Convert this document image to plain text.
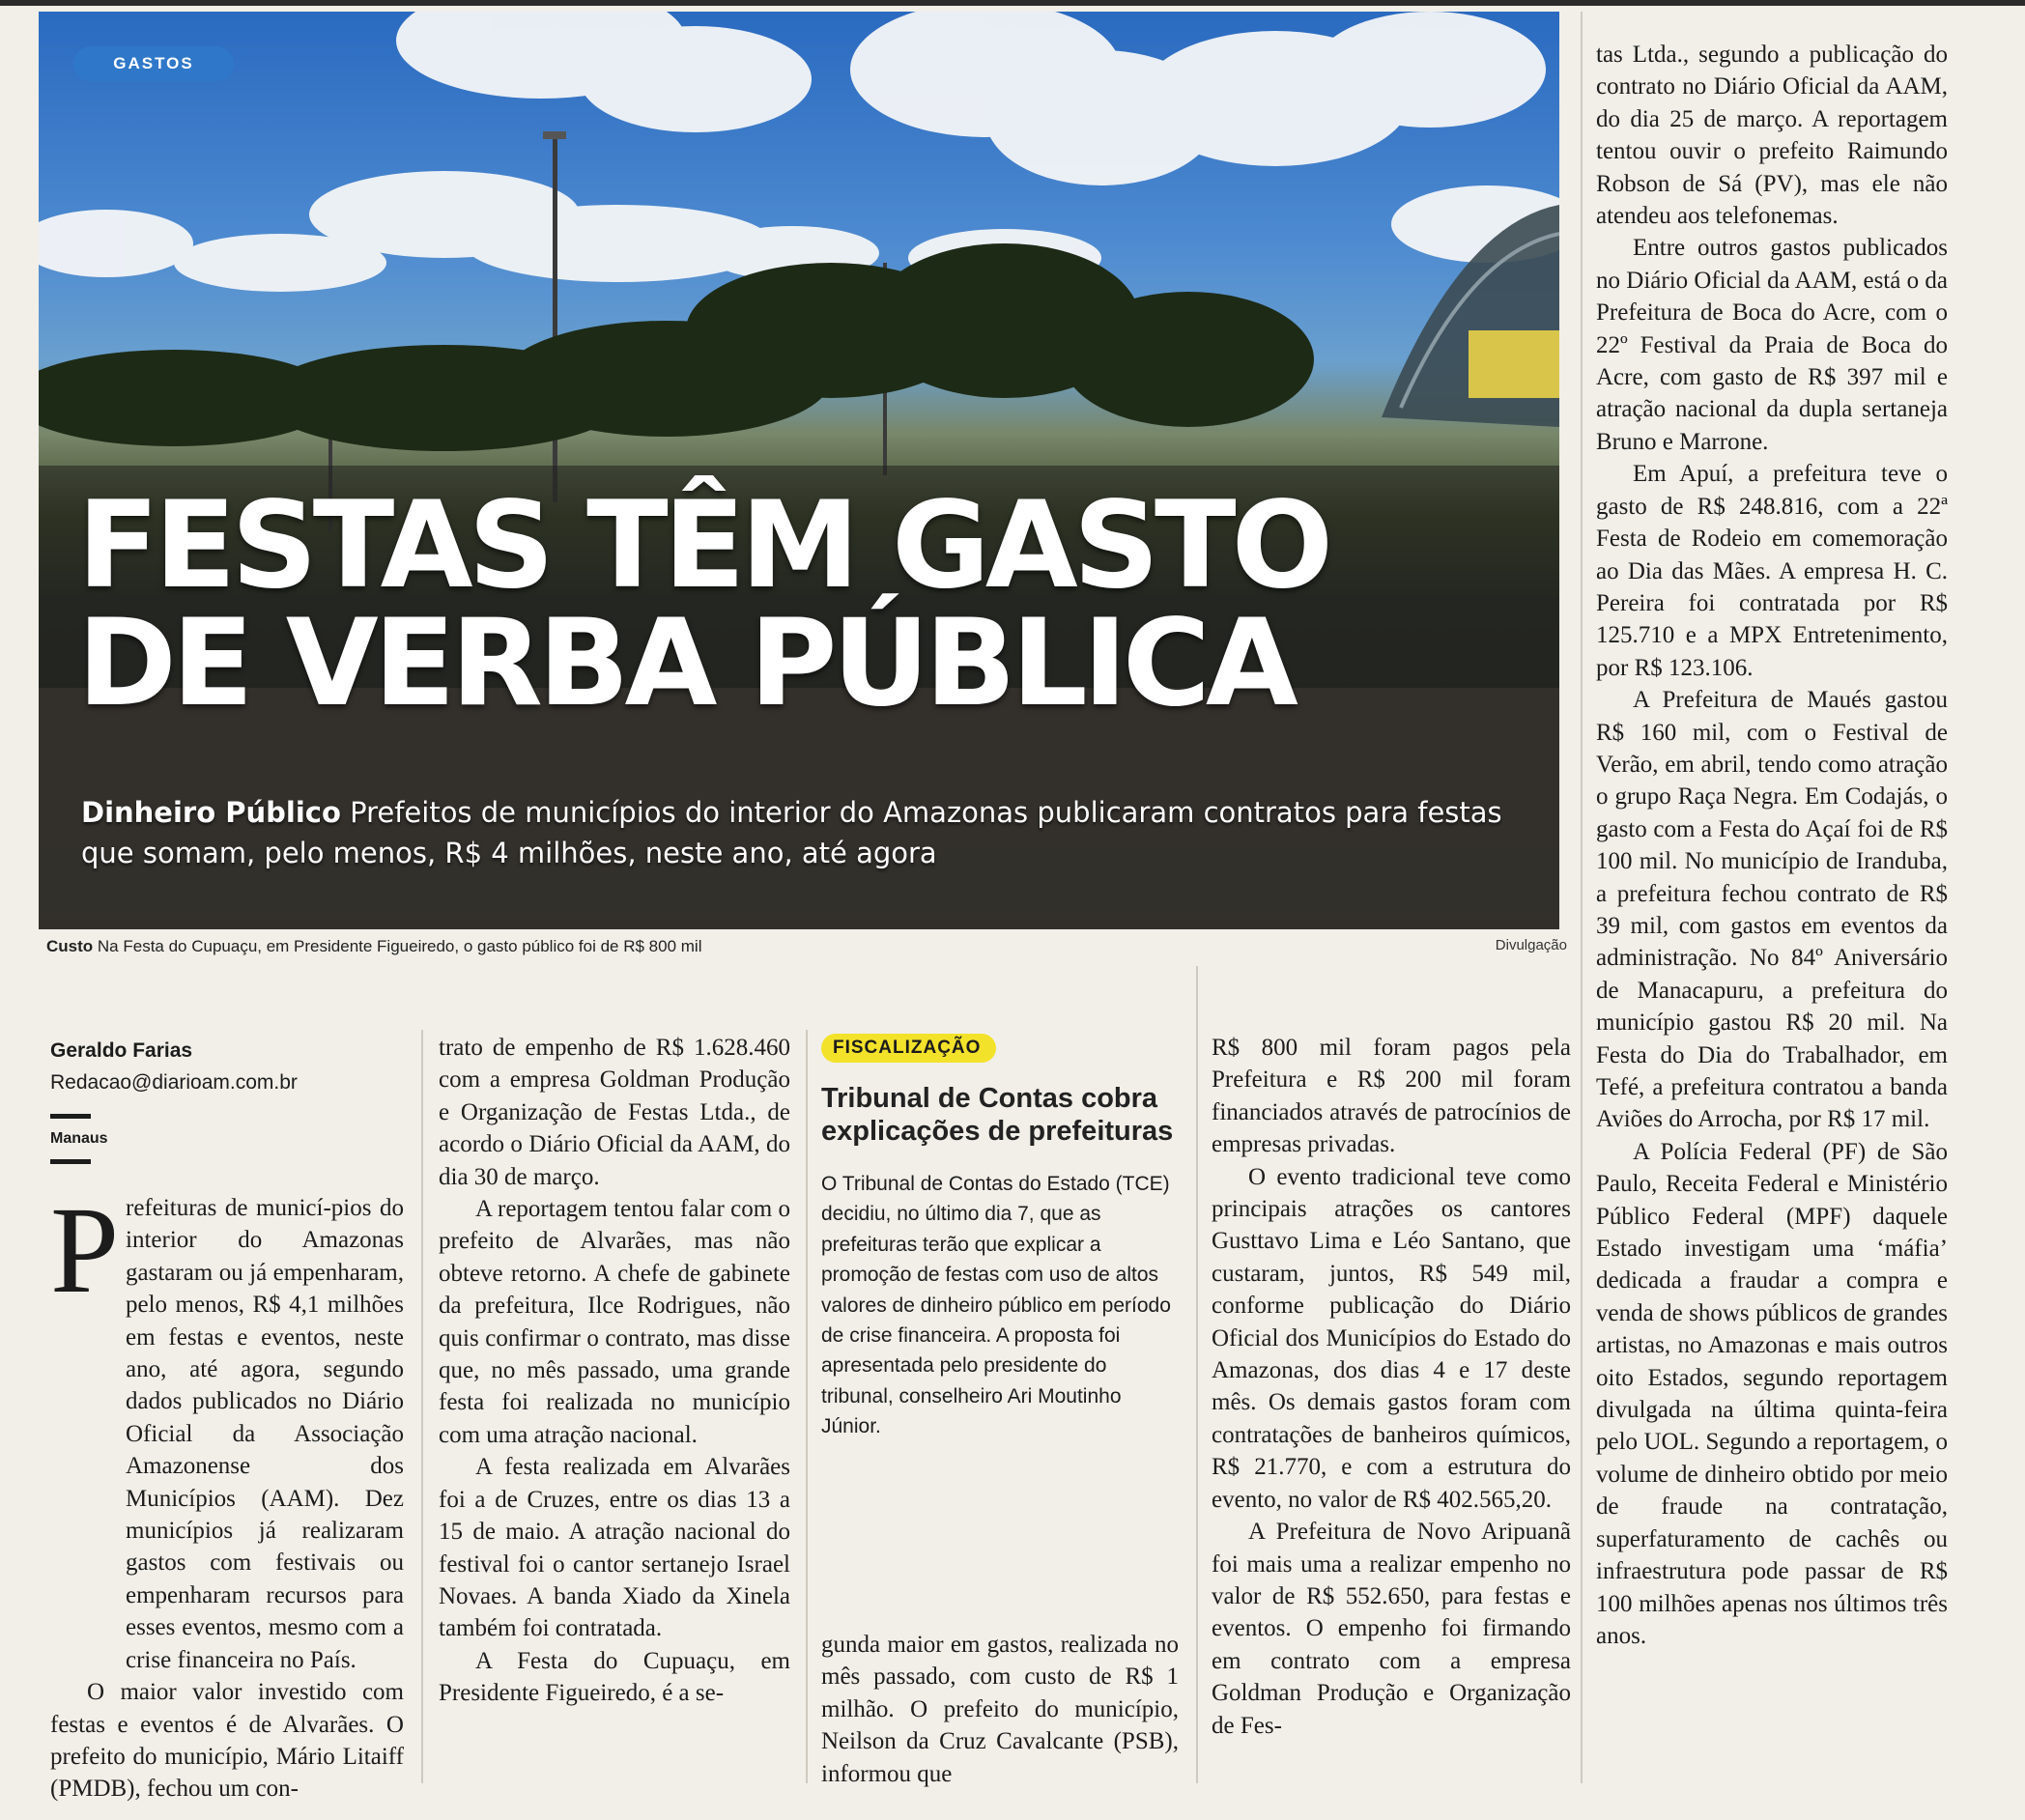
GASTOS
FESTAS TÊM GASTO
DE VERBA PÚBLICA
Dinheiro Público Prefeitos de municípios do interior do Amazonas publicaram contratos para festas que somam, pelo menos, R$ 4 milhões, neste ano, até agora
Custo Na Festa do Cupuaçu, em Presidente Figueiredo, o gasto público foi de R$ 800 mil	Divulgação
Geraldo Farias
Redacao@diarioam.com.br
Manaus
P refeituras de municí-pios do interior do Amazonas gastaram ou já empenharam, pelo menos, R$ 4,1 milhões em festas e eventos, neste ano, até agora, segundo dados publicados no Diário Oficial da Associação Amazonense dos Municípios (AAM). Dez municípios já realizaram gastos com festivais ou empenharam recursos para esses eventos, mesmo com a crise financeira no País.

O maior valor investido com festas e eventos é de Alvarães. O prefeito do município, Mário Litaiff (PMDB), fechou um con-

trato de empenho de R$ 1.628.460 com a empresa Goldman Produção e Organização de Festas Ltda., de acordo o Diário Oficial da AAM, do dia 30 de março.

A reportagem tentou falar com o prefeito de Alvarães, mas não obteve retorno. A chefe de gabinete da prefeitura, Ilce Rodrigues, não quis confirmar o contrato, mas disse que, no mês passado, uma grande festa foi realizada no município com uma atração nacional.

A festa realizada em Alvarães foi a de Cruzes, entre os dias 13 a 15 de maio. A atração nacional do festival foi o cantor sertanejo Israel Novaes. A banda Xiado da Xinela também foi contratada.

A Festa do Cupuaçu, em Presidente Figueiredo, é a se-

FISCALIZAÇÃO
Tribunal de Contas cobra explicações de prefeituras
O Tribunal de Contas do Estado (TCE) decidiu, no último dia 7, que as prefeituras terão que explicar a promoção de festas com uso de altos valores de dinheiro público em período de crise financeira. A proposta foi apresentada pelo presidente do tribunal, conselheiro Ari Moutinho Júnior.

gunda maior em gastos, realizada no mês passado, com custo de R$ 1 milhão. O prefeito do município, Neilson da Cruz Cavalcante (PSB), informou que

R$ 800 mil foram pagos pela Prefeitura e R$ 200 mil foram financiados através de patrocínios de empresas privadas.

O evento tradicional teve como principais atrações os cantores Gusttavo Lima e Léo Santano, que custaram, juntos, R$ 549 mil, conforme publicação do Diário Oficial dos Municípios do Estado do Amazonas, dos dias 4 e 17 deste mês. Os demais gastos foram com contratações de banheiros químicos, R$ 21.770, e com a estrutura do evento, no valor de R$ 402.565,20.

A Prefeitura de Novo Aripuanã foi mais uma a realizar empenho no valor de R$ 552.650, para festas e eventos. O empenho foi firmando em contrato com a empresa Goldman Produção e Organização de Fes-

tas Ltda., segundo a publicação do contrato no Diário Oficial da AAM, do dia 25 de março. A reportagem tentou ouvir o prefeito Raimundo Robson de Sá (PV), mas ele não atendeu aos telefonemas.

Entre outros gastos publicados no Diário Oficial da AAM, está o da Prefeitura de Boca do Acre, com o 22º Festival da Praia de Boca do Acre, com gasto de R$ 397 mil e atração nacional da dupla sertaneja Bruno e Marrone.

Em Apuí, a prefeitura teve o gasto de R$ 248.816, com a 22ª Festa de Rodeio em comemoração ao Dia das Mães. A empresa H. C. Pereira foi contratada por R$ 125.710 e a MPX Entretenimento, por R$ 123.106.

A Prefeitura de Maués gastou R$ 160 mil, com o Festival de Verão, em abril, tendo como atração o grupo Raça Negra. Em Codajás, o gasto com a Festa do Açaí foi de R$ 100 mil. No município de Iranduba, a prefeitura fechou contrato de R$ 39 mil, com gastos em eventos da administração. No 84º Aniversário de Manacapuru, a prefeitura do município gastou R$ 20 mil. Na Festa do Dia do Trabalhador, em Tefé, a prefeitura contratou a banda Aviões do Arrocha, por R$ 17 mil.

A Polícia Federal (PF) de São Paulo, Receita Federal e Ministério Público Federal (MPF) daquele Estado investigam uma ‘máfia’ dedicada a fraudar a compra e venda de shows públicos de grandes artistas, no Amazonas e mais outros oito Estados, segundo reportagem divulgada na última quinta-feira pelo UOL. Segundo a reportagem, o volume de dinheiro obtido por meio de fraude na contratação, superfaturamento de cachês ou infraestrutura pode passar de R$ 100 milhões apenas nos últimos três anos.
